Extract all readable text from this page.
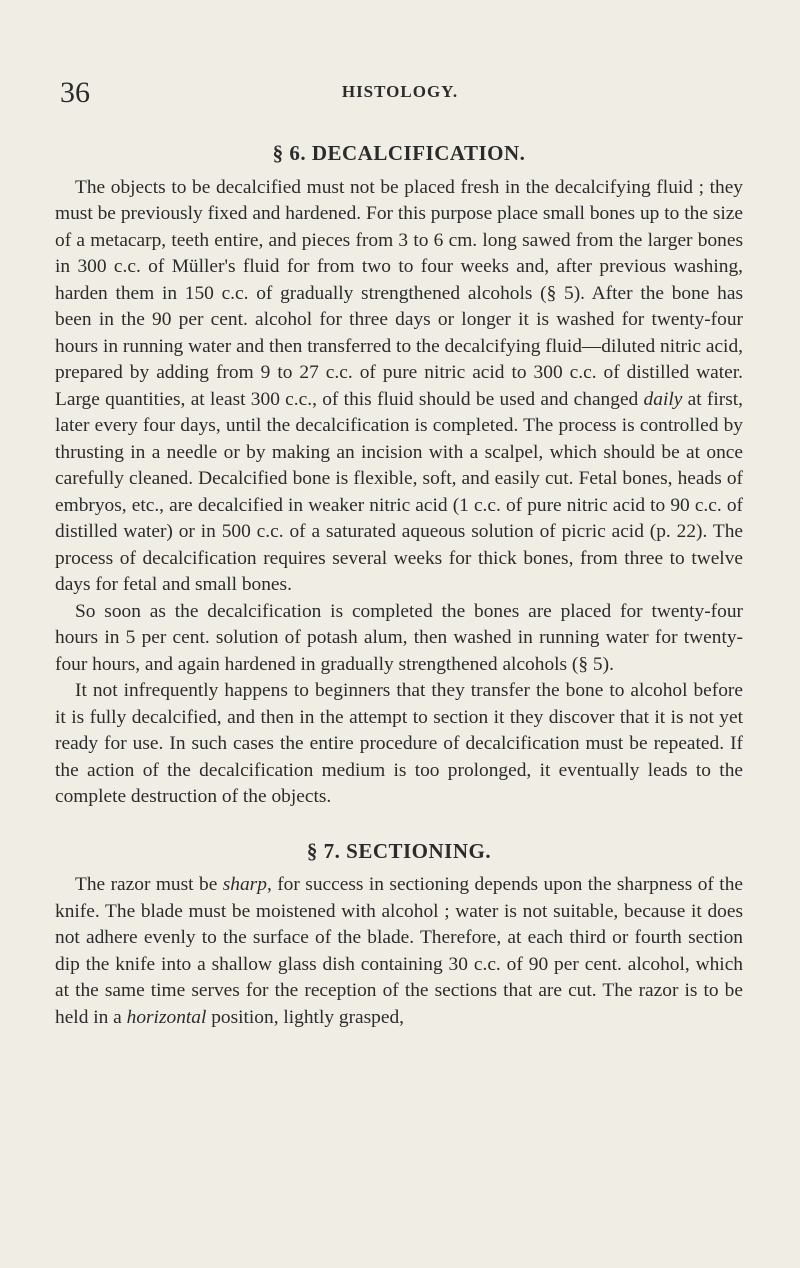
36	HISTOLOGY.
§ 6. DECALCIFICATION.

The objects to be decalcified must not be placed fresh in the decalcifying fluid ; they must be previously fixed and hardened. For this purpose place small bones up to the size of a metacarp, teeth entire, and pieces from 3 to 6 cm. long sawed from the larger bones in 300 c.c. of Müller's fluid for from two to four weeks and, after previous washing, harden them in 150 c.c. of gradually strengthened alcohols (§ 5). After the bone has been in the 90 per cent. alcohol for three days or longer it is washed for twenty-four hours in running water and then transferred to the decalcifying fluid—diluted nitric acid, prepared by adding from 9 to 27 c.c. of pure nitric acid to 300 c.c. of distilled water. Large quantities, at least 300 c.c., of this fluid should be used and changed daily at first, later every four days, until the decalcification is completed. The process is controlled by thrusting in a needle or by making an incision with a scalpel, which should be at once carefully cleaned. Decalcified bone is flexible, soft, and easily cut. Fetal bones, heads of embryos, etc., are decalcified in weaker nitric acid (1 c.c. of pure nitric acid to 90 c.c. of distilled water) or in 500 c.c. of a saturated aqueous solution of picric acid (p. 22). The process of decalcification requires several weeks for thick bones, from three to twelve days for fetal and small bones.

So soon as the decalcification is completed the bones are placed for twenty-four hours in 5 per cent. solution of potash alum, then washed in running water for twenty-four hours, and again hardened in gradually strengthened alcohols (§ 5).

It not infrequently happens to beginners that they transfer the bone to alcohol before it is fully decalcified, and then in the attempt to section it they discover that it is not yet ready for use. In such cases the entire procedure of decalcification must be repeated. If the action of the decalcification medium is too prolonged, it eventually leads to the complete destruction of the objects.

§ 7. SECTIONING.

The razor must be sharp, for success in sectioning depends upon the sharpness of the knife. The blade must be moistened with alcohol ; water is not suitable, because it does not adhere evenly to the surface of the blade. Therefore, at each third or fourth section dip the knife into a shallow glass dish containing 30 c.c. of 90 per cent. alcohol, which at the same time serves for the reception of the sections that are cut. The razor is to be held in a horizontal position, lightly grasped,
